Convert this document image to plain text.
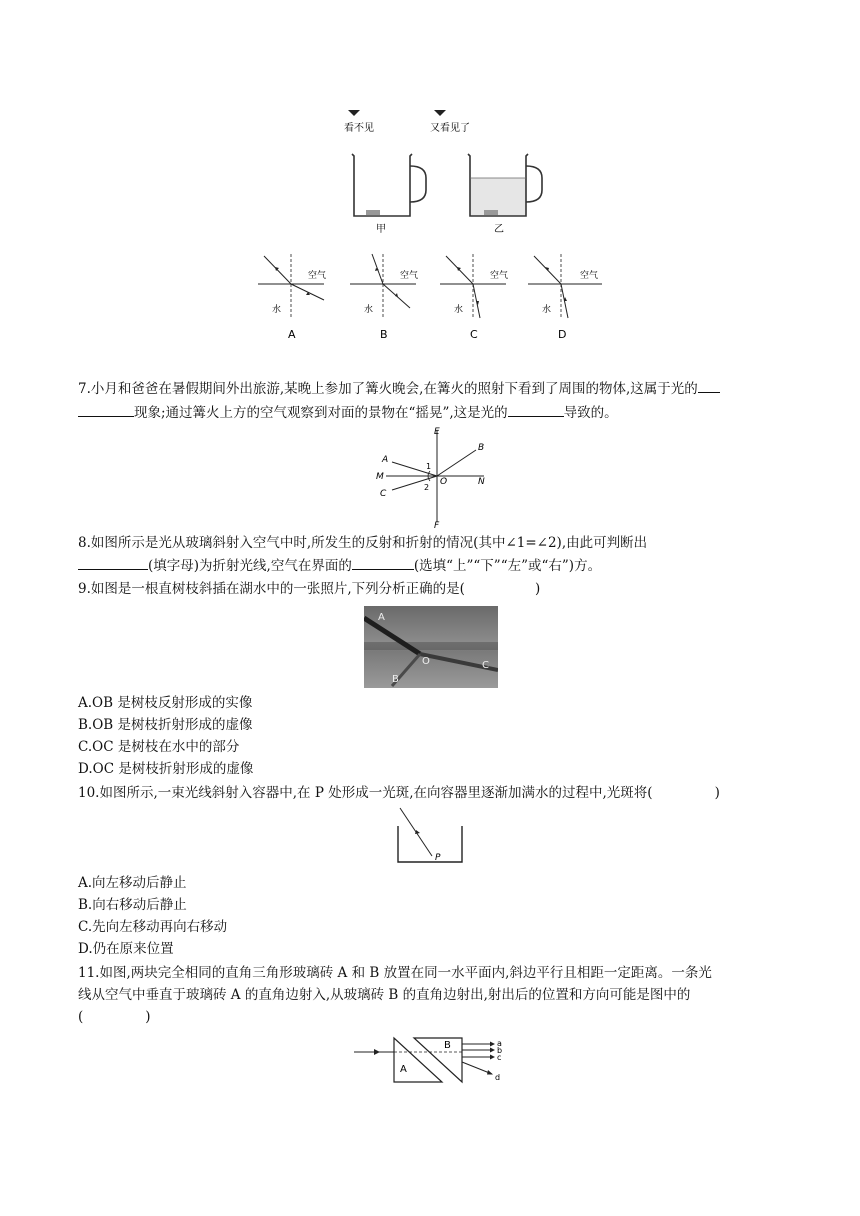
看不见	又看见了
甲	乙
空气
水
A
空气
水
B
空气
水
C
空气
水
D
7.小月和爸爸在暑假期间外出旅游,某晚上参加了篝火晚会,在篝火的照射下看到了周围的物体,这属于光的
现象;通过篝火上方的空气观察到对面的景物在“摇晃”,这是光的	导致的。
E
B
A
M
1
O	N
C
2
F
8.如图所示是光从玻璃斜射入空气中时,所发生的反射和折射的情况(其中∠1=∠2),由此可判断出
(填字母)为折射光线,空气在界面的	(选填“上”“下”“左”或“右”)方。
9.如图是一根直树枝斜插在湖水中的一张照片,下列分析正确的是(	)
A
O
B
C
A.OB 是树枝反射形成的实像
B.OB 是树枝折射形成的虚像
C.OC 是树枝在水中的部分
D.OC 是树枝折射形成的虚像
10.如图所示,一束光线斜射入容器中,在 P 处形成一光斑,在向容器里逐渐加满水的过程中,光斑将(	)
P
A.向左移动后静止
B.向右移动后静止
C.先向左移动再向右移动
D.仍在原来位置
11.如图,两块完全相同的直角三角形玻璃砖 A 和 B 放置在同一水平面内,斜边平行且相距一定距离。一条光
线从空气中垂直于玻璃砖 A 的直角边射入,从玻璃砖 B 的直角边射出,射出后的位置和方向可能是图中的
(	)
A
B	a
b
c
d
